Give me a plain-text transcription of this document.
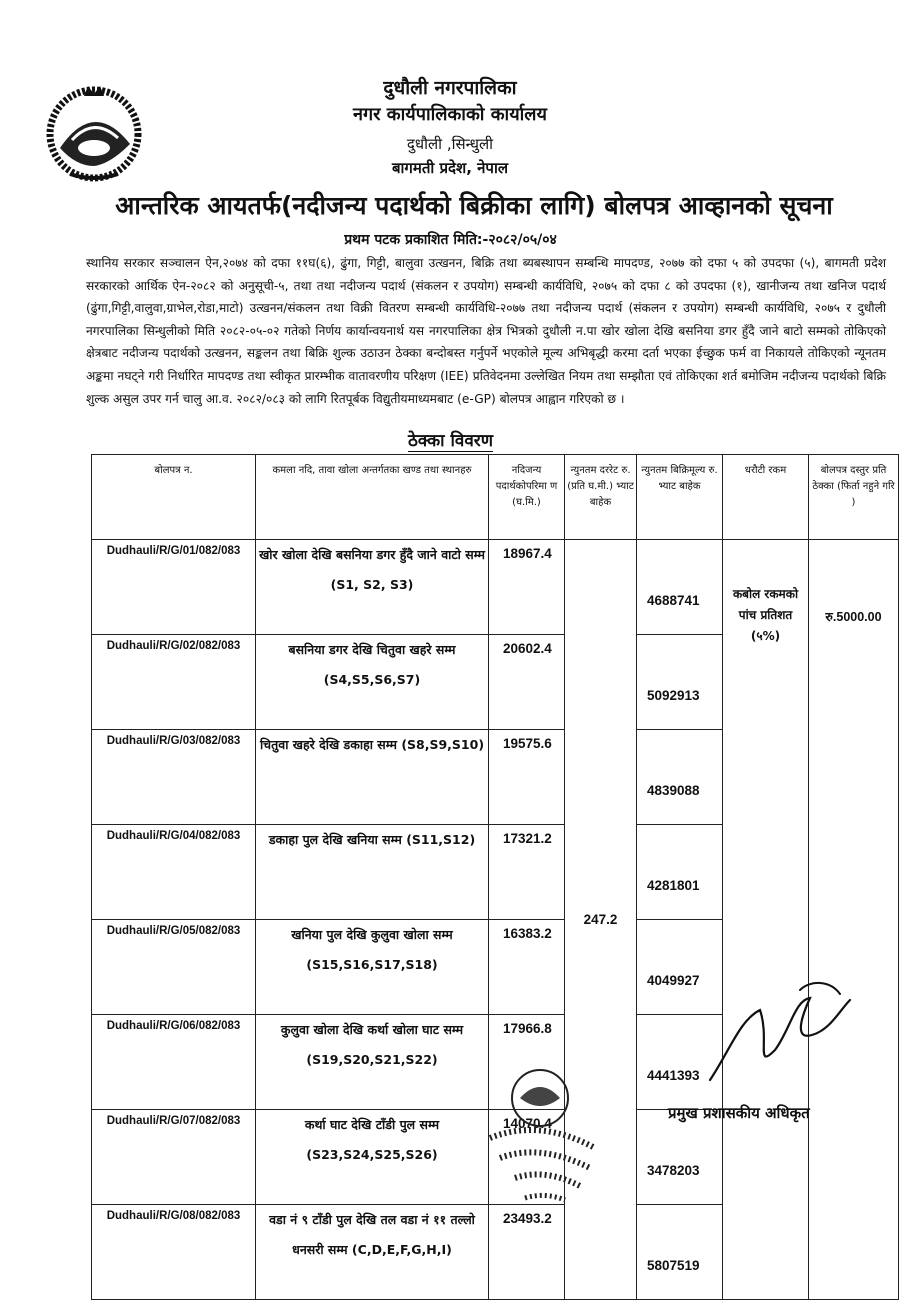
दुधौली नगरपालिका
नगर कार्यपालिकाको कार्यालय
दुधौली ,सिन्धुली
बागमती प्रदेश, नेपाल
आन्तरिक आयतर्फ(नदीजन्य पदार्थको बिक्रीका लागि) बोलपत्र आव्हानको सूचना
प्रथम पटक प्रकाशित मिति:-२०८२/०५/०४
स्थानिय सरकार सञ्चालन ऐन,२०७४ को दफा ११घ(६), ढुंगा, गिट्टी, बालुवा उत्खनन, बिक्रि तथा ब्यबस्थापन सम्बन्धि मापदण्ड, २०७७ को दफा ५ को उपदफा (५), बागमती प्रदेश सरकारको आर्थिक ऐन-२०८२ को अनुसूची-५, तथा तथा नदीजन्य पदार्थ (संकलन र उपयोग) सम्बन्धी कार्यविधि, २०७५ को दफा ८ को उपदफा (१), खानीजन्य तथा खनिज पदार्थ (ढुंगा,गिट्टी,वालुवा,ग्राभेल,रोडा,माटो) उत्खनन/संकलन तथा विक्री वितरण सम्बन्धी कार्यविधि-२०७७ तथा नदीजन्य पदार्थ (संकलन र उपयोग) सम्बन्धी कार्यविधि, २०७५ र दुधौली नगरपालिका सिन्धुलीको मिति २०८२-०५-०२ गतेको निर्णय कार्यान्वयनार्थ यस नगरपालिका क्षेत्र भित्रको दुधौली न.पा खोर खोला देखि बसनिया डगर हुँदै जाने बाटो सम्मको तोकिएको क्षेत्रबाट नदीजन्य पदार्थको उत्खनन, सङ्कलन तथा बिक्रि शुल्क उठाउन ठेक्का बन्दोबस्त गर्नुपर्ने भएकोले मूल्य अभिबृद्धी करमा दर्ता भएका ईच्छुक फर्म वा निकायले तोकिएको न्यूनतम अङ्कमा नघट्ने गरी निर्धारित मापदण्ड तथा स्वीकृत प्रारम्भीक वातावरणीय परिक्षण (IEE) प्रतिवेदनमा उल्लेखित नियम तथा सम्झौता एवं तोकिएका शर्त बमोजिम नदीजन्य पदार्थको बिक्रि शुल्क असुल उपर गर्न चालु आ.व. २०८२/०८३ को लागि रितपूर्बक विद्युतीयमाध्यमबाट (e-GP) बोलपत्र आह्वान गरिएको छ ।
ठेक्का विवरण
बोलपत्र न.	कमला नदि, तावा खोला अन्तर्गतका खण्ड तथा स्थानहरु	नदिजन्य पदार्थकोपरिमा ण (घ.मि.)	न्युनतम दररेट रु. (प्रति घ.मी.) भ्याट बाहेक	न्युनतम बिक्रिमूल्य रु. भ्याट बाहेक	धरौटी रकम	बोलपत्र दस्तुर प्रति ठेक्का (फिर्ता नहुने गरि )
Dudhauli/R/G/01/082/083	खोर खोला देखि बसनिया डगर हुँदै जाने वाटो सम्म (S1, S2, S3)	18967.4	247.2	4688741	कबोल रकमको पांच प्रतिशत (५%)	रु.5000.00
Dudhauli/R/G/02/082/083	बसनिया डगर देखि चितुवा खहरे सम्म (S4,S5,S6,S7)	20602.4		5092913		
Dudhauli/R/G/03/082/083	चितुवा खहरे देखि डकाहा सम्म (S8,S9,S10)	19575.6		4839088		
Dudhauli/R/G/04/082/083	डकाहा पुल देखि खनिया सम्म (S11,S12)	17321.2		4281801		
Dudhauli/R/G/05/082/083	खनिया पुल देखि कुलुवा खोला सम्म (S15,S16,S17,S18)	16383.2		4049927		
Dudhauli/R/G/06/082/083	कुलुवा खोला देखि कर्था खोला घाट सम्म (S19,S20,S21,S22)	17966.8		4441393		
Dudhauli/R/G/07/082/083	कर्था घाट देखि टाँडी पुल सम्म (S23,S24,S25,S26)	14070.4		3478203		
Dudhauli/R/G/08/082/083	वडा नं ९ टाँडी पुल देखि तल वडा नं ११ तल्लो धनसरी सम्म (C,D,E,F,G,H,I)	23493.2		5807519		
प्रमुख प्रशासकीय अधिकृत
